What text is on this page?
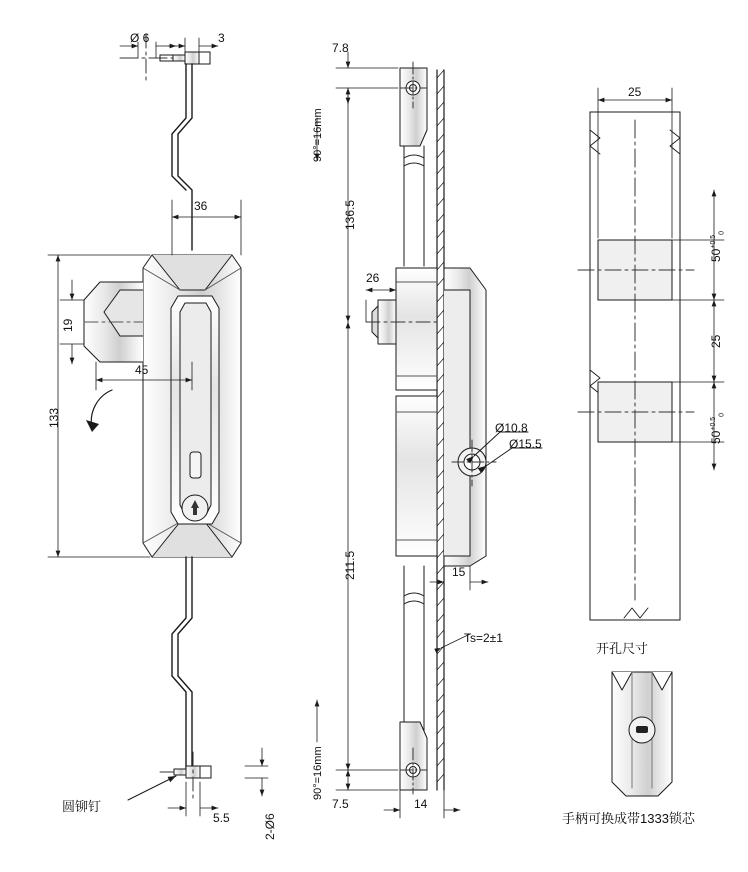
Ø 6	3
36
19
45
133
5.5	2-Ø6
圆铆钉
7.8
90°=16mm
136.5
26
Ø10.8
Ø15.5
211.5	15
Ts=2±1
90°=16mm
7.5	14
25
$50^{+0.5}_0$
25
$50^{+0.5}_0$
开孔尺寸
手柄可换成带1333锁芯
